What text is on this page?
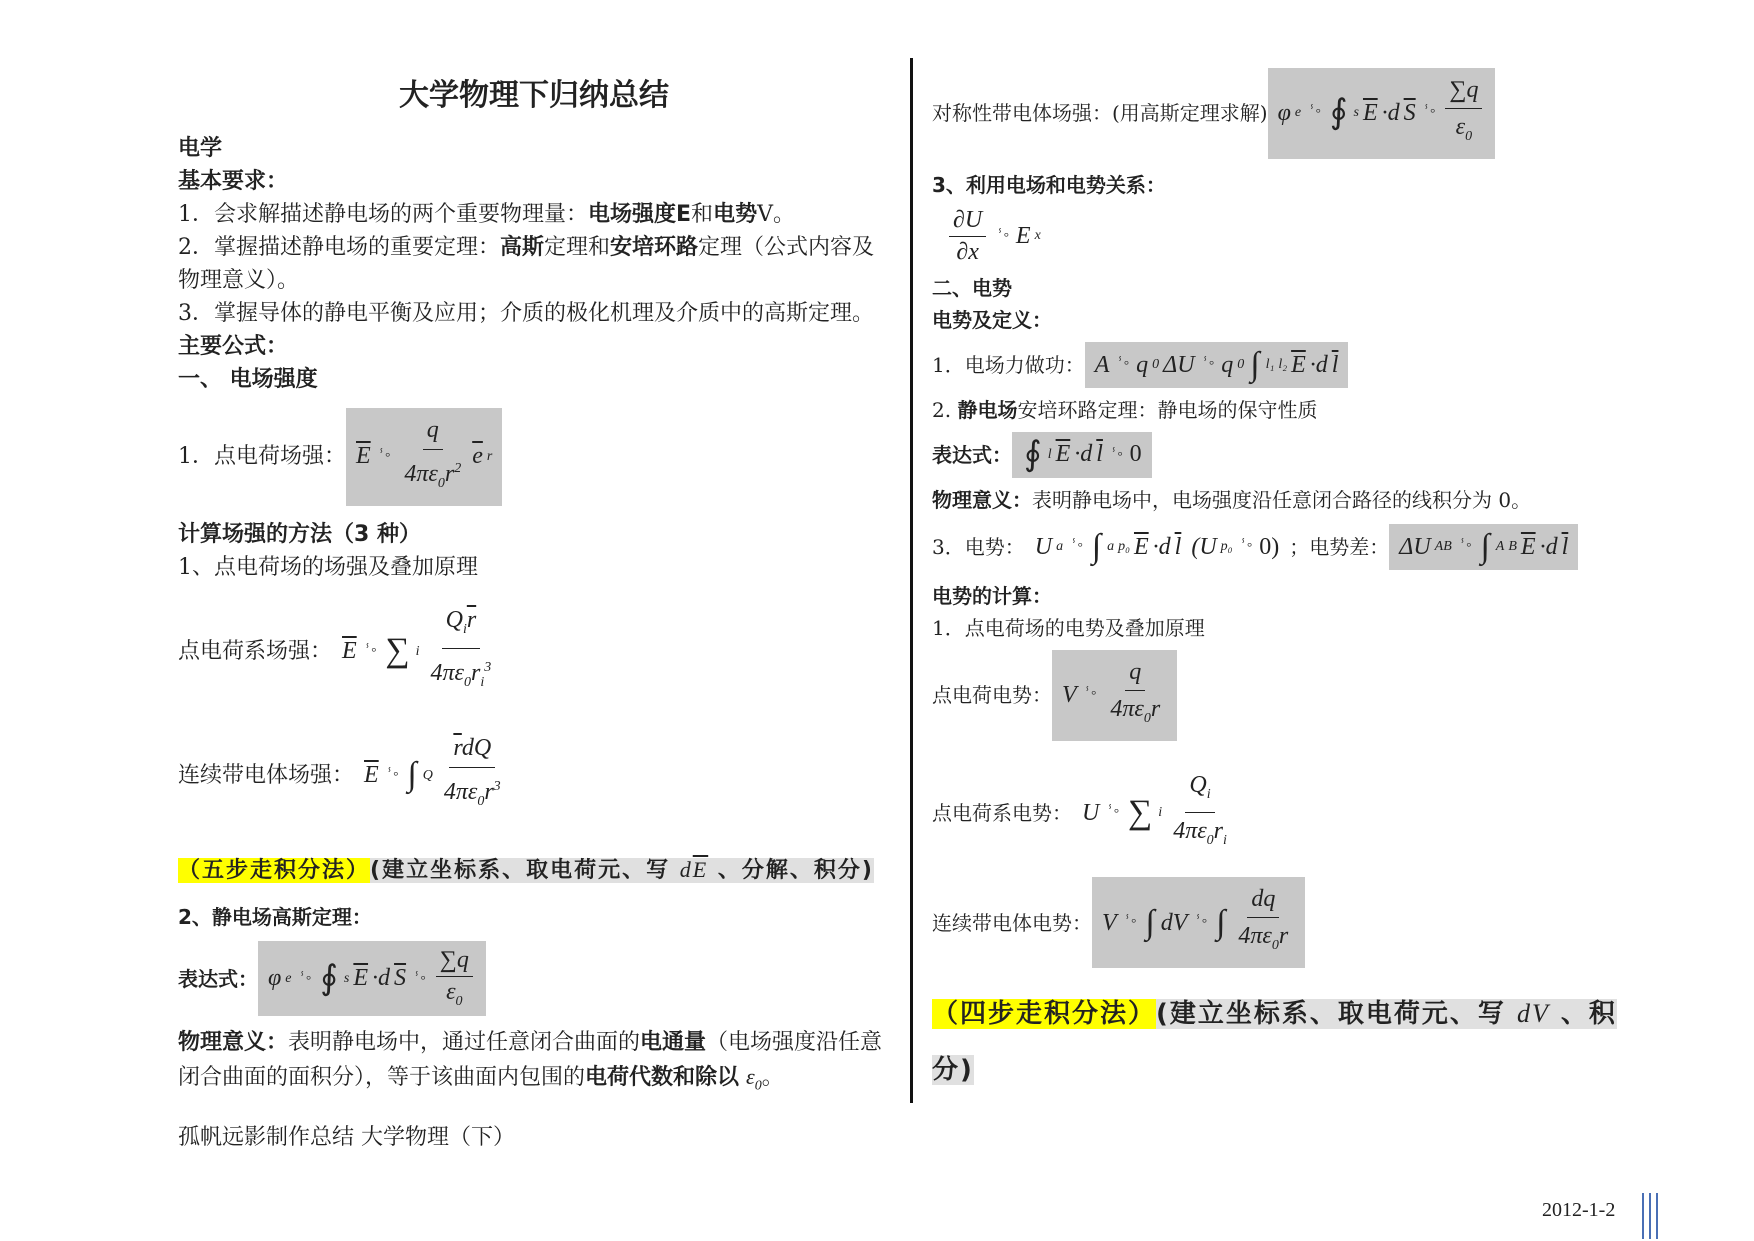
大学物理下归纳总结
电学
基本要求：
1．会求解描述静电场的两个重要物理量：电场强度E和电势V。
2．掌握描述静电场的重要定理：高斯定理和安培环路定理（公式内容及物理意义）。
3．掌握导体的静电平衡及应用；介质的极化机理及介质中的高斯定理。
主要公式：
一、 电场强度
1．点电荷场强： $\overline{E}$ ⸯ° $\frac{q}{4\pi\varepsilon_0r^2} \overline{e}$ r
计算场强的方法（3 种）
1、点电荷场的场强及叠加原理
点电荷系场强： $\overline{E}$ ⸯ° ∑ i $\frac{Q_i\overline{r}}{4\pi\varepsilon_0r_i^3}$
连续带电体场强： $\overline{E}$ ⸯ° ∫ Q $\frac{\overline{r}dQ}{4\pi\varepsilon_0r^3}$
（五步走积分法）(建立坐标系、取电荷元、写 $d\overline{E}$ 、分解、积分)
2、静电场高斯定理：
表达式： φ e ⸯ° ∮ s $\overline{E} \cdot d$ $\overline{S}$ ⸯ° $\frac{\sum q}{\varepsilon_0}$
物理意义：表明静电场中，通过任意闭合曲面的电通量（电场强度沿任意闭合曲面的面积分），等于该曲面内包围的电荷代数和除以 $\varepsilon_0$。
孤帆远影制作总结 大学物理（下）
对称性带电体场强：(用高斯定理求解) φ e ⸯ° ∮ s $\overline{E} \cdot d$ $\overline{S}$ ⸯ° $\frac{\sum q}{\varepsilon_0}$
3、利用电场和电势关系：
$\frac{\partial U}{\partial x}$ ⸯ° E x
二、电势
电势及定义：
1．电场力做功： A ⸯ° q 0 ΔU ⸯ° q 0 ∫ l₁ l₂ $\overline{E} \cdot d$ $\overline{l}$
2. 静电场安培环路定理：静电场的保守性质
表达式： ∮ l $\overline{E} \cdot d$ $\overline{l}$ ⸯ° 0
物理意义：表明静电场中，电场强度沿任意闭合路径的线积分为 0。
3．电势： U a ⸯ° ∫ a p₀ $\overline{E} \cdot d$ $\overline{l}$ (U p₀ ⸯ° 0) ；电势差： ΔU AB ⸯ° ∫ A B $\overline{E} \cdot d$ $\overline{l}$
电势的计算：
1．点电荷场的电势及叠加原理
点电荷电势： V ⸯ° $\frac{q}{4\pi\varepsilon_0r}$
点电荷系电势： U ⸯ° ∑ i $\frac{Q_i}{4\pi\varepsilon_0r_i}$
连续带电体电势： V ⸯ° ∫ dV ⸯ° ∫ $\frac{dq}{4\pi\varepsilon_0r}$
（四步走积分法）(建立坐标系、取电荷元、写 dV 、积
分)
2012-1-2
